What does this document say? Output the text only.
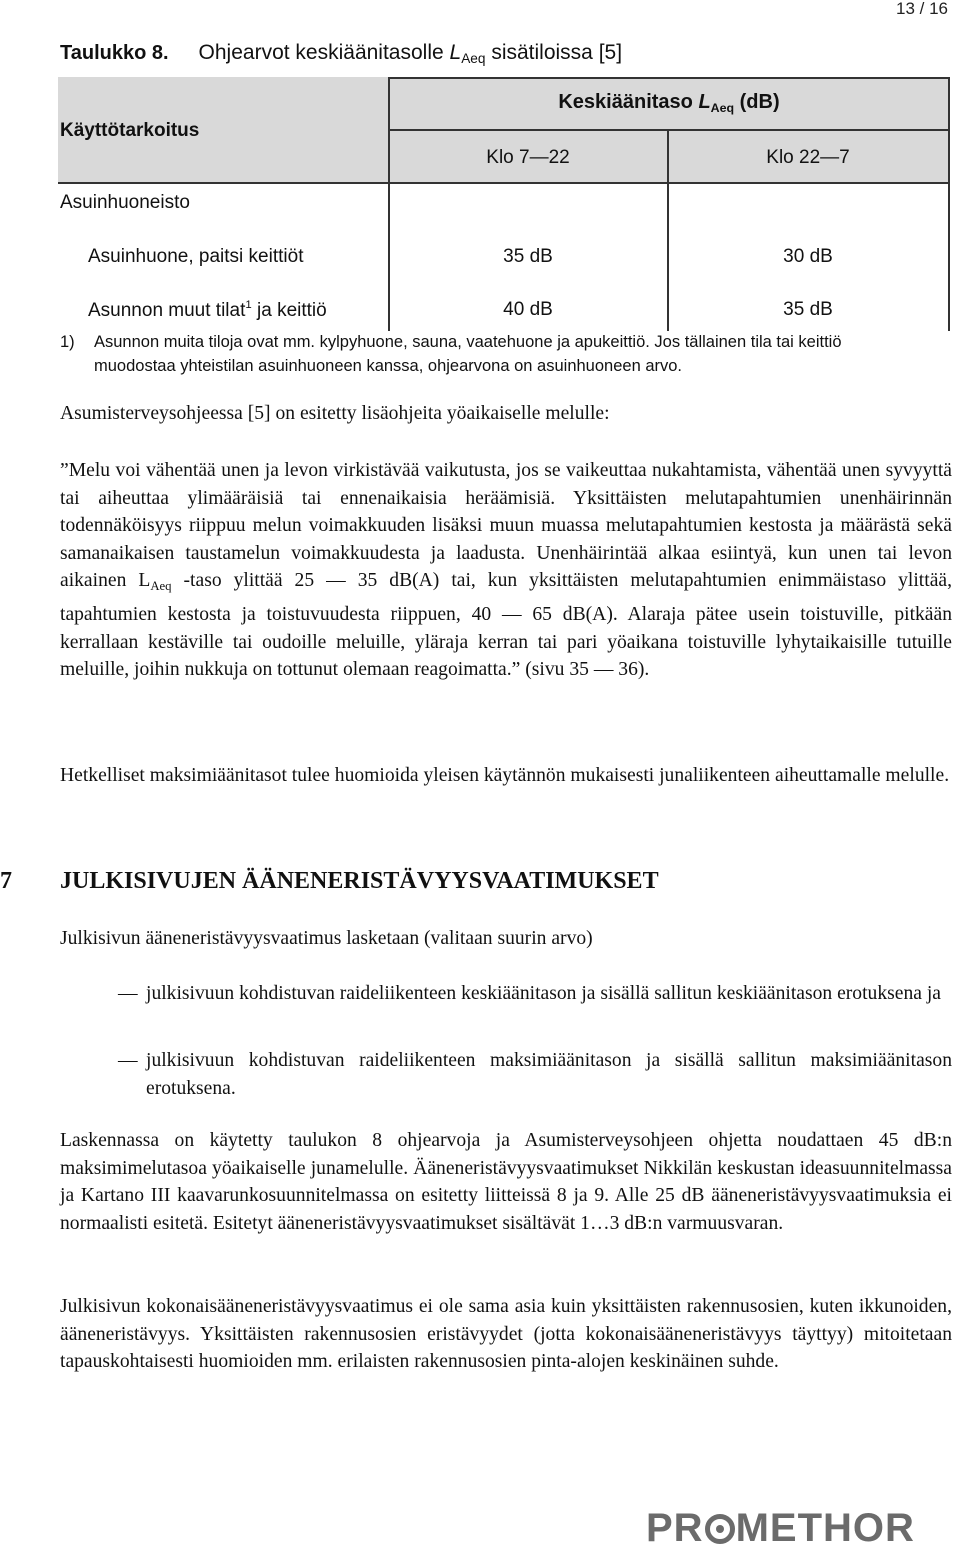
13 / 16
Taulukko 8. Ohjearvot keskiäänitasolle $L_{Aeq}$ sisätiloissa [5]
Käyttötarkoitus
Keskiäänitaso $L_{Aeq}$ (dB)
Klo 7—22	Klo 22—7
Asuinhuoneisto
Asuinhuone, paitsi keittiöt	35 dB	30 dB
Asunnon muut tilat$^1$ ja keittiö	40 dB	35 dB
1) Asunnon muita tiloja ovat mm. kylpyhuone, sauna, vaatehuone ja apukeittiö. Jos tällainen tila tai keittiö
muodostaa yhteistilan asuinhuoneen kanssa, ohjearvona on asuinhuoneen arvo.
Asumisterveysohjeessa [5] on esitetty lisäohjeita yöaikaiselle melulle:
”Melu voi vähentää unen ja levon virkistävää vaikutusta, jos se vaikeuttaa nukahtamista, vähentää unen syvyyttä tai aiheuttaa ylimääräisiä tai ennenaikaisia heräämisiä. Yksittäisten melutapahtumien unenhäirinnän todennäköisyys riippuu melun voimakkuuden lisäksi muun muassa melutapahtumien kestosta ja määrästä sekä samanaikaisen taustamelun voimakkuudesta ja laadusta. Unenhäirintää alkaa esiintyä, kun unen tai levon aikainen $L_{Aeq}$ -taso ylittää 25 — 35 dB(A) tai, kun yksittäisten melutapahtumien enimmäistaso ylittää, tapahtumien kestosta ja toistuvuudesta riippuen, 40 — 65 dB(A). Alaraja pätee usein toistuville, pitkään kerrallaan kestäville tai oudoille meluille, yläraja kerran tai pari yöaikana toistuville lyhytaikaisille tutuille meluille, joihin nukkuja on tottunut olemaan reagoimatta.” (sivu 35 — 36).
Hetkelliset maksimiäänitasot tulee huomioida yleisen käytännön mukaisesti junaliikenteen aiheuttamalle melulle.
7 JULKISIVUJEN ÄÄNENERISTÄVYYSVAATIMUKSET
Julkisivun ääneneristävyysvaatimus lasketaan (valitaan suurin arvo)
— julkisivuun kohdistuvan raideliikenteen keskiäänitason ja sisällä sallitun keskiäänitason erotuksena ja
— julkisivuun kohdistuvan raideliikenteen maksimiäänitason ja sisällä sallitun maksimiäänitason erotuksena.
Laskennassa on käytetty taulukon 8 ohjearvoja ja Asumisterveysohjeen ohjetta noudattaen 45 dB:n maksimimelutasoa yöaikaiselle junamelulle. Ääneneristävyysvaatimukset Nikkilän keskustan ideasuunnitelmassa ja Kartano III kaavarunkosuunnitelmassa on esitetty liitteissä 8 ja 9. Alle 25 dB ääneneristävyysvaatimuksia ei normaalisti esitetä. Esitetyt ääneneristävyysvaatimukset sisältävät 1…3 dB:n varmuusvaran.
Julkisivun kokonaisääneneristävyysvaatimus ei ole sama asia kuin yksittäisten rakennusosien, kuten ikkunoiden, ääneneristävyys. Yksittäisten rakennusosien eristävyydet (jotta kokonaisääneneristävyys täyttyy) mitoitetaan tapauskohtaisesti huomioiden mm. erilaisten rakennusosien pinta-alojen keskinäinen suhde.
PR METHOR
